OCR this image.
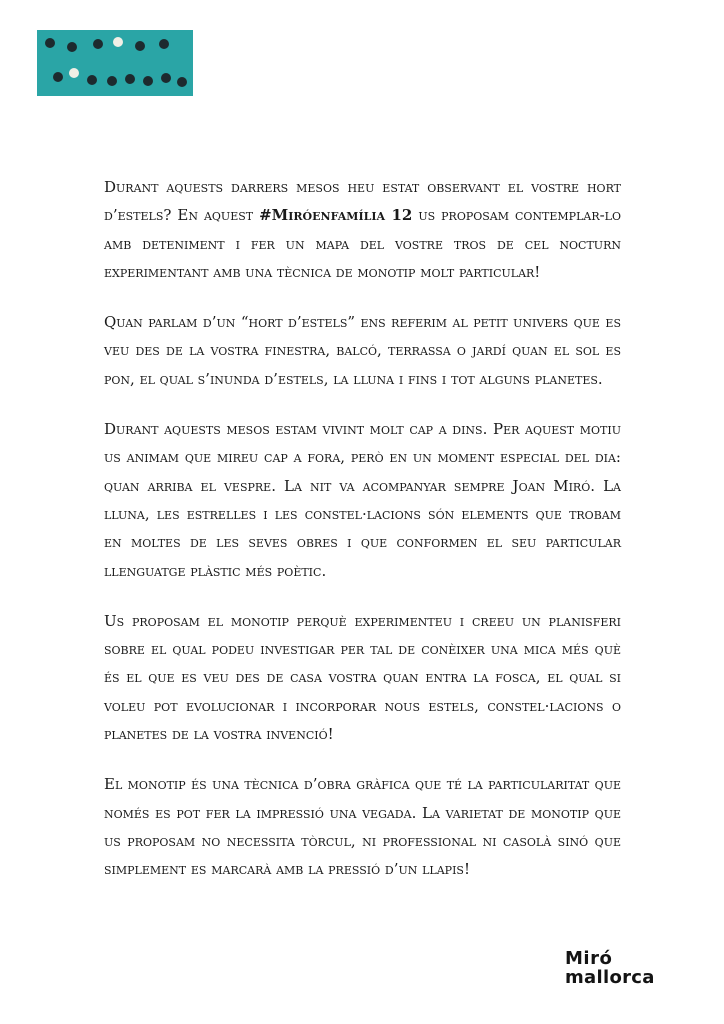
Durant aquests darrers mesos heu estat observant el vostre hort d’estels? En aquest #Miróenfamília 12 us proposam contemplar-lo amb deteniment i fer un mapa del vostre tros de cel nocturn experimentant amb una tècnica de monotip molt particular!

Quan parlam d’un “hort d’estels” ens referim al petit univers que es veu des de la vostra finestra, balcó, terrassa o jardí quan el sol es pon, el qual s’inunda d’estels, la lluna i fins i tot alguns planetes.

Durant aquests mesos estam vivint molt cap a dins. Per aquest motiu us animam que mireu cap a fora, però en un moment especial del dia: quan arriba el vespre. La nit va acompanyar sempre Joan Miró. La lluna, les estrelles i les constel·lacions són elements que trobam en moltes de les seves obres i que conformen el seu particular llenguatge plàstic més poètic.

Us proposam el monotip perquè experimenteu i creeu un planisferi sobre el qual podeu investigar per tal de conèixer una mica més què és el que es veu des de casa vostra quan entra la fosca, el qual si voleu pot evolucionar i incorporar nous estels, constel·lacions o planetes de la vostra invenció!

El monotip és una tècnica d’obra gràfica que té la particularitat que només es pot fer la impressió una vegada. La varietat de monotip que us proposam no necessita tòrcul, ni professional ni casolà sinó que simplement es marcarà amb la pressió d’un llapis!

Miró
mallorca
